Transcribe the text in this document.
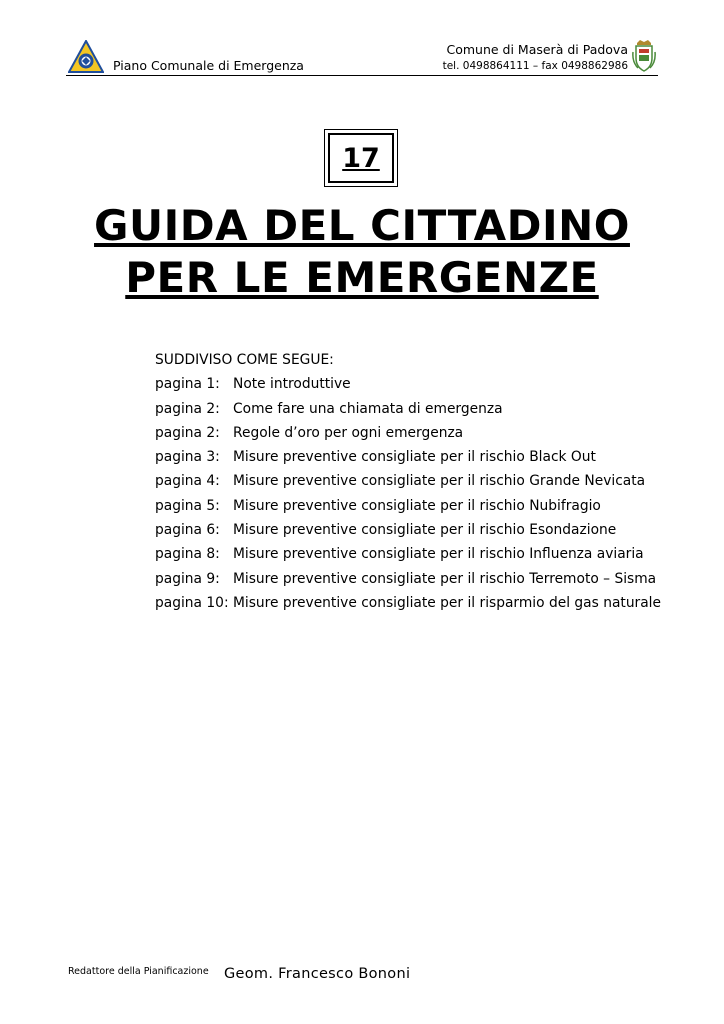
Piano Comunale di Emergenza
Comune di Maserà di Padova
tel. 0498864111 – fax 0498862986
17
GUIDA DEL CITTADINO
PER LE EMERGENZE
SUDDIVISO COME SEGUE:
pagina 1: Note introduttive
pagina 2: Come fare una chiamata di emergenza
pagina 2: Regole d’oro per ogni emergenza
pagina 3: Misure preventive consigliate per il rischio Black Out
pagina 4: Misure preventive consigliate per il rischio Grande Nevicata
pagina 5: Misure preventive consigliate per il rischio Nubifragio
pagina 6: Misure preventive consigliate per il rischio Esondazione
pagina 8: Misure preventive consigliate per il rischio Influenza aviaria
pagina 9: Misure preventive consigliate per il rischio Terremoto – Sisma
pagina 10: Misure preventive consigliate per il risparmio del gas naturale
Redattore della Pianificazione Geom. Francesco Bononi
